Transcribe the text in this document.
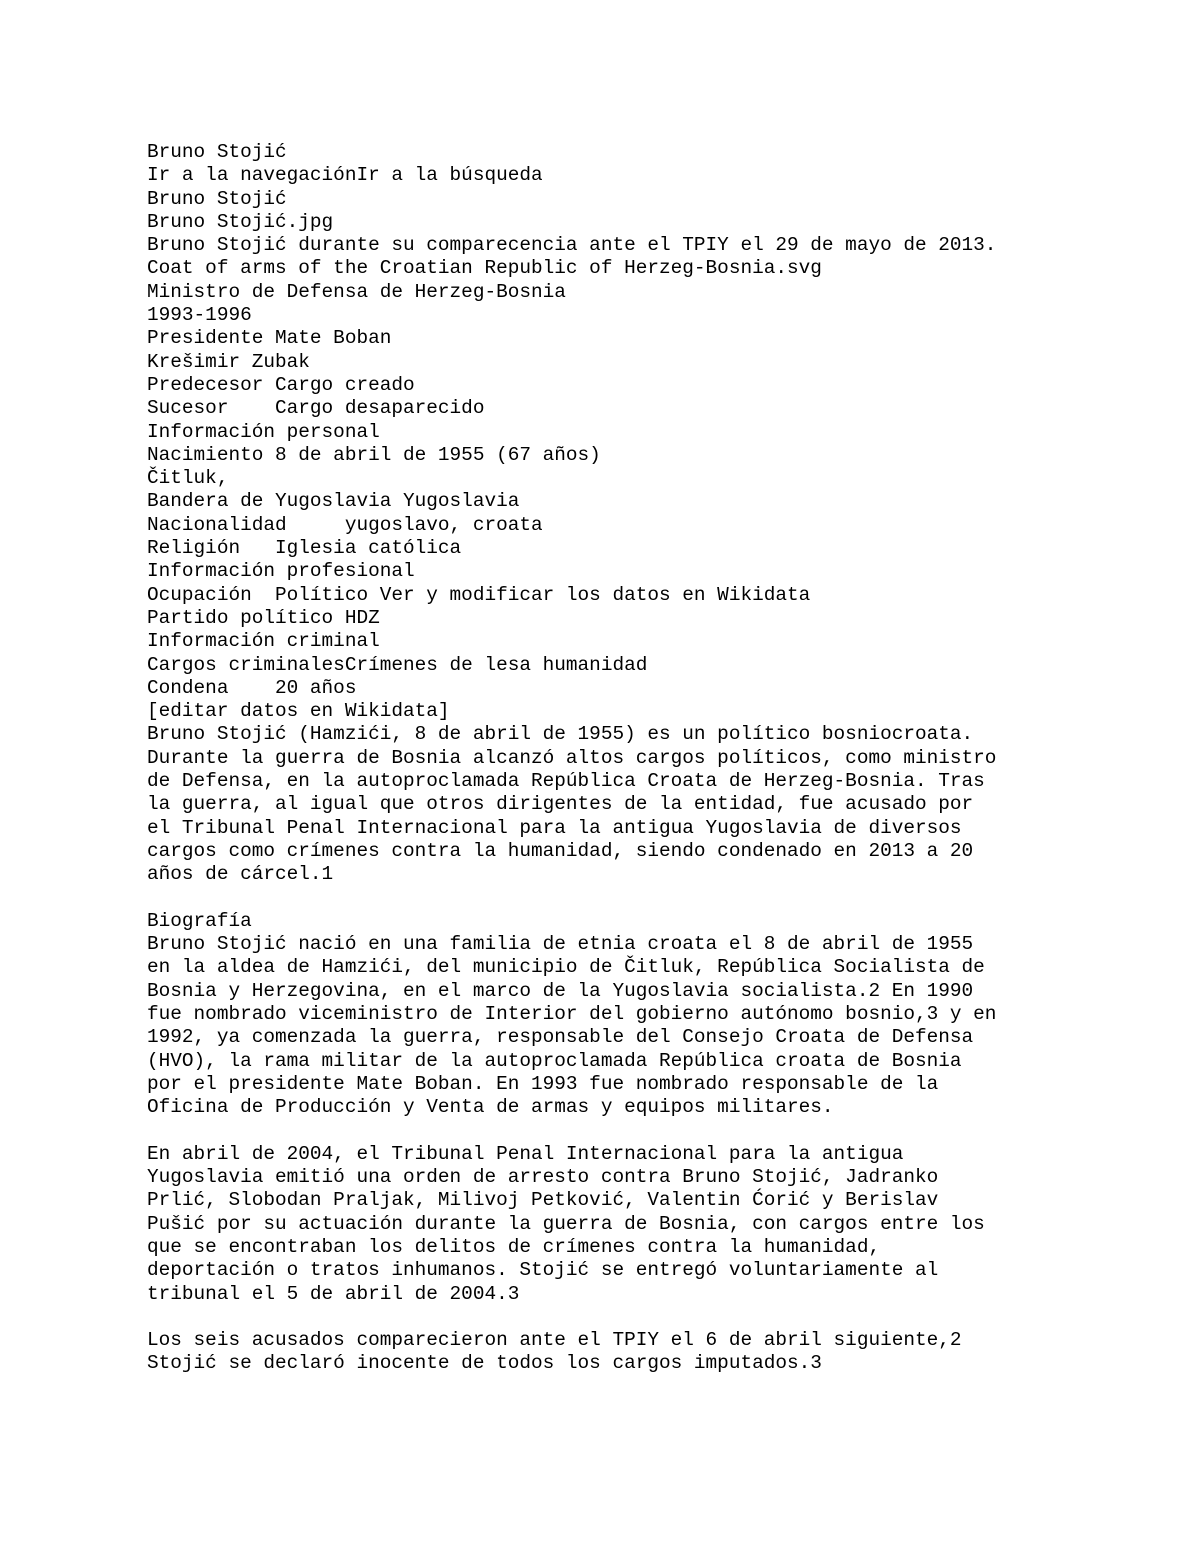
Bruno Stojić
Ir a la navegaciónIr a la búsqueda
Bruno Stojić
Bruno Stojić.jpg
Bruno Stojić durante su comparecencia ante el TPIY el 29 de mayo de 2013.
Coat of arms of the Croatian Republic of Herzeg-Bosnia.svg
Ministro de Defensa de Herzeg-Bosnia
1993-1996
Presidente Mate Boban
Krešimir Zubak
Predecesor Cargo creado
Sucesor    Cargo desaparecido
Información personal
Nacimiento 8 de abril de 1955 (67 años)
Čitluk,
Bandera de Yugoslavia Yugoslavia
Nacionalidad     yugoslavo, croata
Religión   Iglesia católica
Información profesional
Ocupación  Político Ver y modificar los datos en Wikidata
Partido político HDZ
Información criminal
Cargos criminalesCrímenes de lesa humanidad
Condena    20 años
[editar datos en Wikidata]
Bruno Stojić (Hamzići, 8 de abril de 1955) es un político bosniocroata.
Durante la guerra de Bosnia alcanzó altos cargos políticos, como ministro
de Defensa, en la autoproclamada República Croata de Herzeg-Bosnia. Tras
la guerra, al igual que otros dirigentes de la entidad, fue acusado por
el Tribunal Penal Internacional para la antigua Yugoslavia de diversos
cargos como crímenes contra la humanidad, siendo condenado en 2013 a 20
años de cárcel.1
Biografía
Bruno Stojić nació en una familia de etnia croata el 8 de abril de 1955
en la aldea de Hamzići, del municipio de Čitluk, República Socialista de
Bosnia y Herzegovina, en el marco de la Yugoslavia socialista.2 En 1990
fue nombrado viceministro de Interior del gobierno autónomo bosnio,3 y en
1992, ya comenzada la guerra, responsable del Consejo Croata de Defensa
(HVO), la rama militar de la autoproclamada República croata de Bosnia
por el presidente Mate Boban. En 1993 fue nombrado responsable de la
Oficina de Producción y Venta de armas y equipos militares.
En abril de 2004, el Tribunal Penal Internacional para la antigua
Yugoslavia emitió una orden de arresto contra Bruno Stojić, Jadranko
Prlić, Slobodan Praljak, Milivoj Petković, Valentin Ćorić y Berislav
Pušić por su actuación durante la guerra de Bosnia, con cargos entre los
que se encontraban los delitos de crímenes contra la humanidad,
deportación o tratos inhumanos. Stojić se entregó voluntariamente al
tribunal el 5 de abril de 2004.3
Los seis acusados comparecieron ante el TPIY el 6 de abril siguiente,2
Stojić se declaró inocente de todos los cargos imputados.3
